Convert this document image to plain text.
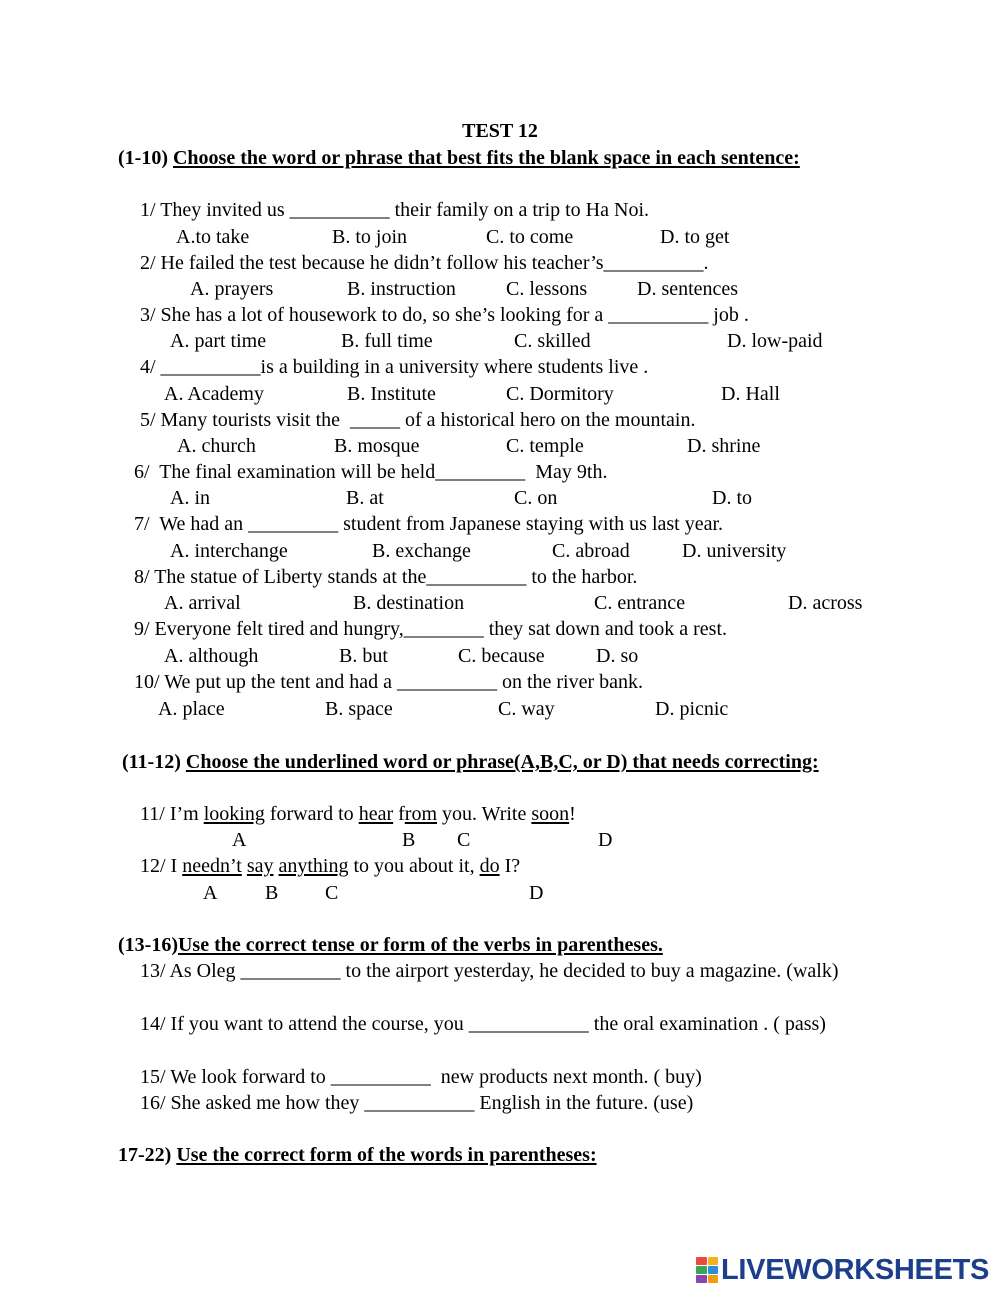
TEST 12
(1-10) Choose the word or phrase that best fits the blank space in each sentence:
1/ They invited us __________ their family on a trip to Ha Noi.
A.to take	B. to join	C. to come	D. to get
2/ He failed the test because he didn’t follow his teacher’s__________.
A. prayers	B. instruction	C. lessons D. sentences
3/ She has a lot of housework to do, so she’s looking for a __________ job .
A. part time	B. full time	C. skilled	D. low-paid
4/ __________is a building in a university where students live .
A. Academy	B. Institute	C. Dormitory	D. Hall
5/ Many tourists visit the  _____ of a historical hero on the mountain.
A. church	B. mosque	C. temple	D. shrine
6/  The final examination will be held_________  May 9th.
A. in	B. at	C. on	D. to
7/  We had an _________ student from Japanese staying with us last year.
A. interchange	B. exchange	C. abroad	D. university
8/ The statue of Liberty stands at the__________ to the harbor.
A. arrival	B. destination	C. entrance	D. across
9/ Everyone felt tired and hungry,________ they sat down and took a rest.
A. although	B. but	C. because	D. so
10/ We put up the tent and had a __________ on the river bank.
A. place	B. space	C. way	D. picnic
(11-12) Choose the underlined word or phrase(A,B,C, or D) that needs correcting:
11/ I’m looking forward to hear from you. Write soon!
A	B C	D
12/ I needn’t say anything to you about it, do I?
A B C	D
(13-16)Use the correct tense or form of the verbs in parentheses.
13/ As Oleg __________ to the airport yesterday, he decided to buy a magazine. (walk)
14/ If you want to attend the course, you ____________ the oral examination . ( pass)
15/ We look forward to __________  new products next month. ( buy)
16/ She asked me how they ___________ English in the future. (use)
17-22) Use the correct form of the words in parentheses:
LIVEWORKSHEETS
